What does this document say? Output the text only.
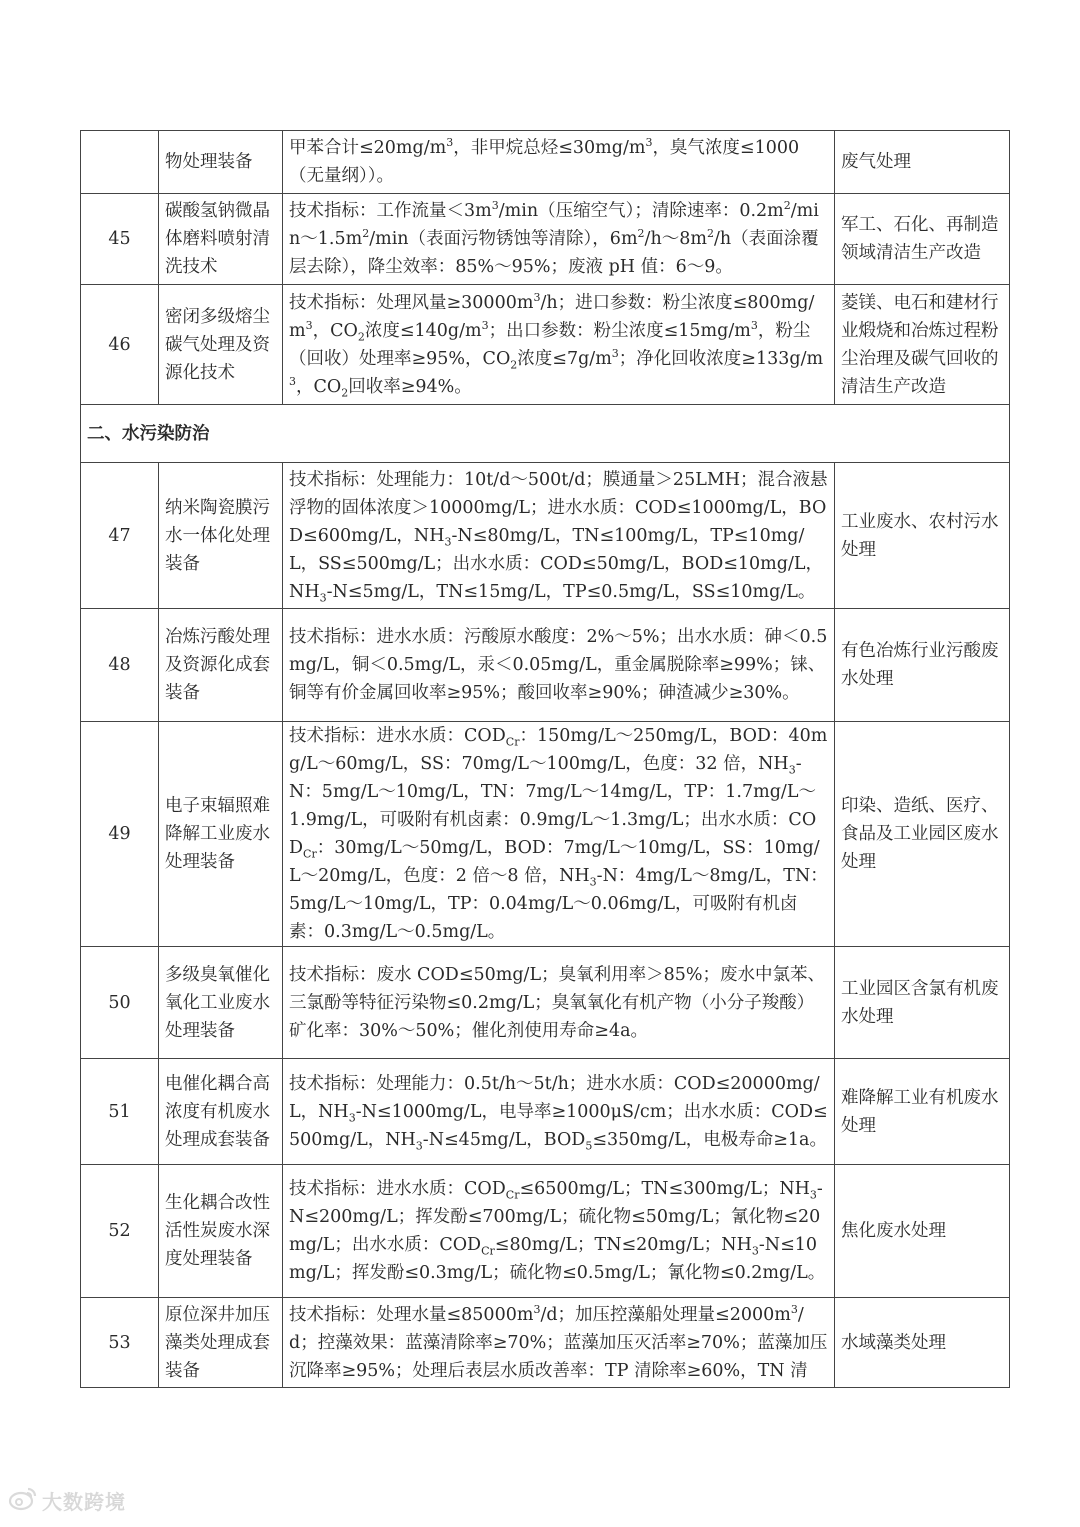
	物处理装备	甲苯合计$\le 20mg/m^3$，非甲烷总烃$\le 30mg/m^3$，臭气浓度≤1000（无量纲））。	废气处理
45	碳酸氢钠微晶体磨料喷射清洗技术	技术指标：工作流量$<3m^3/\min$（压缩空气）；清除速率：$0.2m^2/\min\sim 1.5m^2/\min$（表面污物锈蚀等清除），$6m^2/h\sim 8m^2/h$（表面涂覆层去除），降尘效率：85%～95%；废液 pH 值：6～9。	军工、石化、再制造领域清洁生产改造
46	密闭多级熔尘碳气处理及资源化技术	技术指标：处理风量$\ge 30000m^3/h$；进口参数：粉尘浓度$\le 800mg/m^3$，$CO_2$浓度$\le 140g/m^3$；出口参数：粉尘浓度$\le 15mg/m^3$，粉尘（回收）处理率≥95%，$CO_2$浓度$\le 7g/m^3$；净化回收浓度$\ge 133g/m^3$，$CO_2$回收率≥94%。	菱镁、电石和建材行业煅烧和冶炼过程粉尘治理及碳气回收的清洁生产改造
二、水污染防治			
47	纳米陶瓷膜污水一体化处理装备	技术指标：处理能力：10t/d～500t/d；膜通量＞25LMH；混合液悬浮物的固体浓度＞10000mg/L；进水水质：COD≤1000mg/L，BOD≤600mg/L，$NH_3-N\le 80mg/L$，TN≤100mg/L，TP≤10mg/L，SS≤500mg/L；出水水质：COD≤50mg/L，BOD≤10mg/L，$NH_3-N\le 5mg/L$，TN≤15mg/L，TP≤0.5mg/L，SS≤10mg/L。	工业废水、农村污水处理
48	冶炼污酸处理及资源化成套装备	技术指标：进水水质：污酸原水酸度：2%～5%；出水水质：砷＜0.5mg/L，铜＜0.5mg/L，汞＜0.05mg/L，重金属脱除率≥99%；铼、铜等有价金属回收率≥95%；酸回收率≥90%；砷渣减少≥30%。	有色冶炼行业污酸废水处理
49	电子束辐照难降解工业废水处理装备	技术指标：进水水质：$COD_{Cr}$：150mg/L～250mg/L，BOD：40mg/L～60mg/L，SS：70mg/L～100mg/L，色度：32 倍，$NH_3-N$：5mg/L～10mg/L，TN：7mg/L～14mg/L，TP：1.7mg/L～1.9mg/L，可吸附有机卤素：0.9mg/L～1.3mg/L；出水水质：$COD_{Cr}$：30mg/L～50mg/L，BOD：7mg/L～10mg/L，SS：10mg/L～20mg/L，色度：2 倍～8 倍，$NH_3-N$：4mg/L～8mg/L，TN：5mg/L～10mg/L，TP：0.04mg/L～0.06mg/L，可吸附有机卤素：0.3mg/L～0.5mg/L。	印染、造纸、医疗、食品及工业园区废水处理
50	多级臭氧催化氧化工业废水处理装备	技术指标：废水 COD≤50mg/L；臭氧利用率＞85%；废水中氯苯、三氯酚等特征污染物≤0.2mg/L；臭氧氧化有机产物（小分子羧酸）矿化率：30%～50%；催化剂使用寿命≥4a。	工业园区含氯有机废水处理
51	电催化耦合高浓度有机废水处理成套装备	技术指标：处理能力：0.5t/h～5t/h；进水水质：COD≤20000mg/L，$NH_3-N\le 1000mg/L$，电导率≥1000μS/cm；出水水质：COD≤500mg/L，$NH_3-N\le 45mg/L$，$BOD_5\le 350mg/L$，电极寿命≥1a。	难降解工业有机废水处理
52	生化耦合改性活性炭废水深度处理装备	技术指标：进水水质：$COD_{Cr}\le 6500mg/L$；TN≤300mg/L；$NH_3-N\le 200mg/L$；挥发酚≤700mg/L；硫化物≤50mg/L；氰化物≤20mg/L；出水水质：$COD_{Cr}\le 80mg/L$；TN≤20mg/L；$NH_3-N\le 10mg/L$；挥发酚≤0.3mg/L；硫化物≤0.5mg/L；氰化物≤0.2mg/L。	焦化废水处理
53	原位深井加压藻类处理成套装备	技术指标：处理水量$\le 85000m^3/d$；加压控藻船处理量$\le 2000m^3/d$；控藻效果：蓝藻清除率≥70%；蓝藻加压灭活率≥70%；蓝藻加压沉降率≥95%；处理后表层水质改善率：TP 清除率≥60%，TN 清	水域藻类处理
大数跨境
